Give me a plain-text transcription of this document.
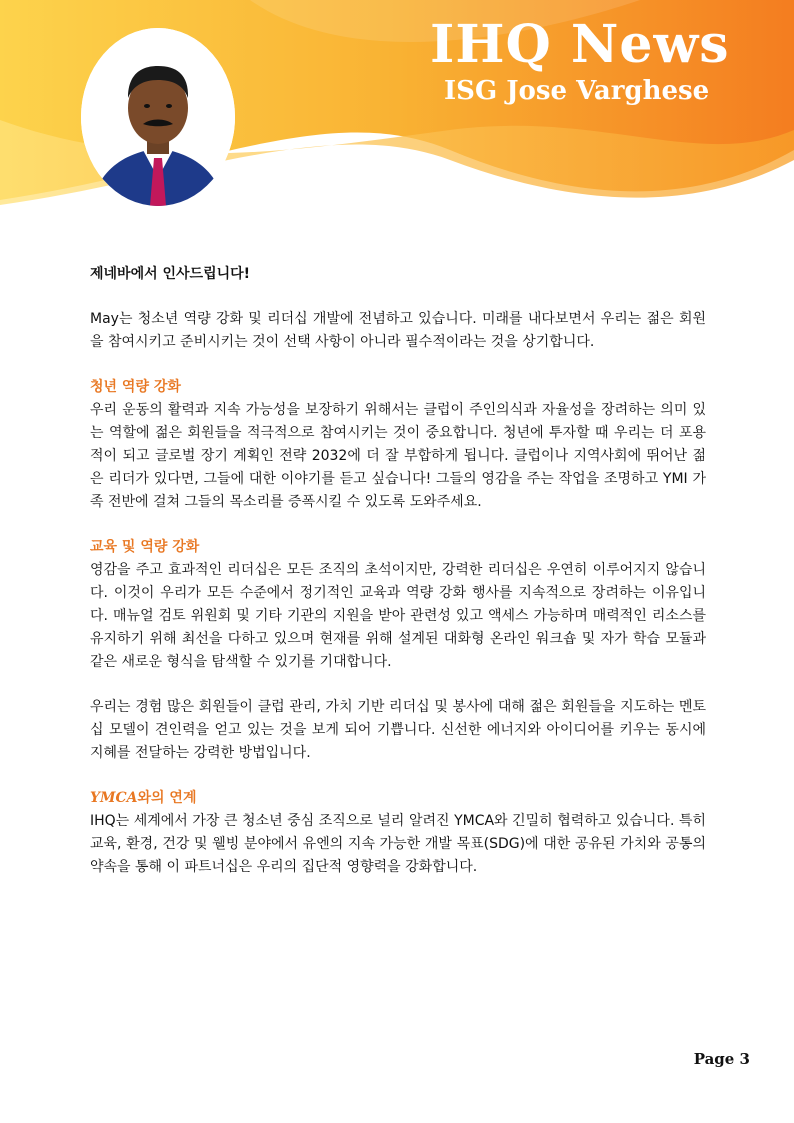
IHQ News
ISG Jose Varghese

제네바에서 인사드립니다!

May는 청소년 역량 강화 및 리더십 개발에 전념하고 있습니다. 미래를 내다보면서 우리는 젊은 회원을 참여시키고 준비시키는 것이 선택 사항이 아니라 필수적이라는 것을 상기합니다.

청년 역량 강화

우리 운동의 활력과 지속 가능성을 보장하기 위해서는 클럽이 주인의식과 자율성을 장려하는 의미 있는 역할에 젊은 회원들을 적극적으로 참여시키는 것이 중요합니다. 청년에 투자할 때 우리는 더 포용적이 되고 글로벌 장기 계획인 전략 2032에 더 잘 부합하게 됩니다. 클럽이나 지역사회에 뛰어난 젊은 리더가 있다면, 그들에 대한 이야기를 듣고 싶습니다! 그들의 영감을 주는 작업을 조명하고 YMI 가족 전반에 걸쳐 그들의 목소리를 증폭시킬 수 있도록 도와주세요.

교육 및 역량 강화

영감을 주고 효과적인 리더십은 모든 조직의 초석이지만, 강력한 리더십은 우연히 이루어지지 않습니다. 이것이 우리가 모든 수준에서 정기적인 교육과 역량 강화 행사를 지속적으로 장려하는 이유입니다. 매뉴얼 검토 위원회 및 기타 기관의 지원을 받아 관련성 있고 액세스 가능하며 매력적인 리소스를 유지하기 위해 최선을 다하고 있으며 현재를 위해 설계된 대화형 온라인 워크숍 및 자가 학습 모듈과 같은 새로운 형식을 탐색할 수 있기를 기대합니다.

우리는 경험 많은 회원들이 클럽 관리, 가치 기반 리더십 및 봉사에 대해 젊은 회원들을 지도하는 멘토십 모델이 견인력을 얻고 있는 것을 보게 되어 기쁩니다. 신선한 에너지와 아이디어를 키우는 동시에 지혜를 전달하는 강력한 방법입니다.

YMCA와의 연계

IHQ는 세계에서 가장 큰 청소년 중심 조직으로 널리 알려진 YMCA와 긴밀히 협력하고 있습니다. 특히 교육, 환경, 건강 및 웰빙 분야에서 유엔의 지속 가능한 개발 목표(SDG)에 대한 공유된 가치와 공통의 약속을 통해 이 파트너십은 우리의 집단적 영향력을 강화합니다.

Page 3
